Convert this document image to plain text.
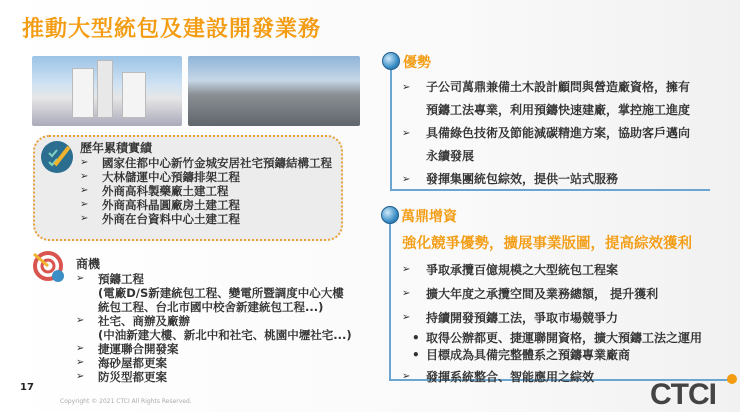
推動大型統包及建設開發業務
歷年累積實績
➢	國家住都中心新竹金城安居社宅預鑄結構工程
➢	大林儲運中心預鑄排架工程
➢	外商高科製藥廠土建工程
➢	外商高科晶圓廠房土建工程
➢	外商在台資料中心土建工程
商機
➢	預鑄工程
(電廠D/S新建統包工程、變電所暨調度中心大樓
統包工程、台北市國中校舍新建統包工程...)
➢	社宅、商辦及廠辦
(中油新建大樓、新北中和社宅、桃園中壢社宅...)
➢	捷運聯合開發案
➢	海砂屋都更案
➢	防災型都更案
優勢
➢	子公司萬鼎兼備土木設計顧問與營造廠資格，擁有
預鑄工法專業，利用預鑄快速建廠，掌控施工進度
➢	具備綠色技術及節能減碳精進方案，協助客戶邁向
永續發展
➢	發揮集團統包綜效，提供一站式服務
萬鼎增資
強化競爭優勢，擴展事業版圖，提高綜效獲利
➢	爭取承攬百億規模之大型統包工程案
➢	擴大年度之承攬空間及業務總額， 提升獲利
➢	持續開發預鑄工法，爭取市場競爭力
• 取得公辦都更、捷運聯開資格，擴大預鑄工法之運用
• 目標成為具備完整體系之預鑄專業廠商
➢	發揮系統整合、智能應用之綜效
CTCI
17
Copyright © 2021 CTCI All Rights Reserved.
